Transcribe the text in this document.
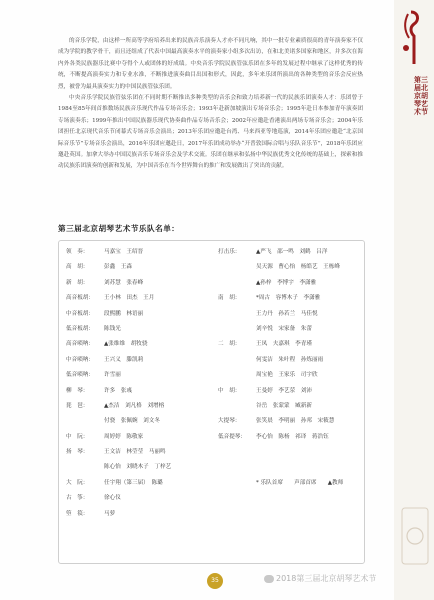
第三届北京胡琴艺术节

的音乐学院，由这样一所高等学府培养出来的民族音乐演奏人才亦不同凡响，其中一批专业素质很高的青年演奏家不仅成为学院的教学骨干，而且还组成了代表中国最高演奏水平的演奏家小组多次出访，在和北美诸多国家和地区，并多次在海内外各类民族器乐比赛中夺得个人或团体的好成绩。中央音乐学院民族管弦乐团在多年的发展过程中继承了这样优秀的传统，不断提高演奏实力和专业水准，不断推进演奏曲目出国和形式，因此，多年来乐团所演出的各种类型的音乐会反应热烈，被誉为最具演奏实力的中国民族管弦乐团。

中央音乐学院民族管弦乐团在不同时期不断推出多种类型的音乐会和致力培养新一代的民族乐团演奏人才：乐团曾于1984至85年间首推数场民族音乐现代作品专场音乐会；1993年赴新加坡演出专场音乐会；1995年赴日本参加青年演奏团专场演奏乐；1999年推出中国民族器乐现代协奏曲作品专场音乐会；2002年应邀赴香港演出两场专场音乐会；2004年乐团担任北京现代音乐节闭幕式专场音乐会演出；2013年乐团应邀赴台湾、马来西亚等地巡演，2014年乐团应邀赴“北京国际音乐节”专场音乐会演出，2016年乐团应邀赴日，2017年乐团成功举办“开普敦国际合唱与乐队音乐节”，2018年乐团应邀赴英国。加拿大举办中国民族音乐专场音乐会及学术交流。乐团在继承和弘扬中华民族优秀文化传统的基础上，探索和推动民族乐团演奏的创新和发展，为中国音乐在当今世界舞台的推广和发展做出了突出的贡献。

第三届北京胡琴艺术节乐队名单：
领　奏：	马嘉宝　王绍晋
高　胡：	彭鑫　王森
新　胡：	刘苏慧　张春峰
高音板胡： 王小林　田杰　王月
中音板胡： 段熙鹏　林语丽
低音板胡： 陈钱光
高音唢呐： ▲张维维　胡牧骁
中音唢呐： 王兴义　滕凯莉
低音唢呐： 许雪丽
柳　琴：	许多　张彧
琵　琶：	▲杰洁　刘凡格　刘增榕
付骁　张佩婉　刘文冬
中　阮：	周婷婷　陈敬家
扬　琴：	王文洁　林莹莹　马丽鸣
陈心怡　刘晓木子　丁梓艺
大　阮：	任宇翔（第三届）　陈璐
古　筝：	徐心仪
箜　篌：	马萝
打击乐：	▲严飞　邵一鸣　刘鹤　吕洋
吴天源　曹心怡　杨皓艺　王栋峰
▲孙梓　李博宇　李潇雅
南　胡：	*周古　容博木子　李潇雅
王力丹　孙若兰　马佳悦
刘辛悦　宋家备　朱蕾
二　胡：	王凤　夫嘉琪　李青瑾
何雯洁　朱叶程　孙炼丽雨
周宝艳　王家乐　司宇欣
中　胡：	王曼婷　李艺荥　刘沛
谷岳　张蒙蒙　臧新新
大提琴：	张笑晨　李明丽　孙邦　宋筱慧
低音提琴： 李心怡　陈杨　祁译　蒋浩钰
* 乐队首席　　声部首席　　▲教师
35	2018第三届北京胡琴艺术节
